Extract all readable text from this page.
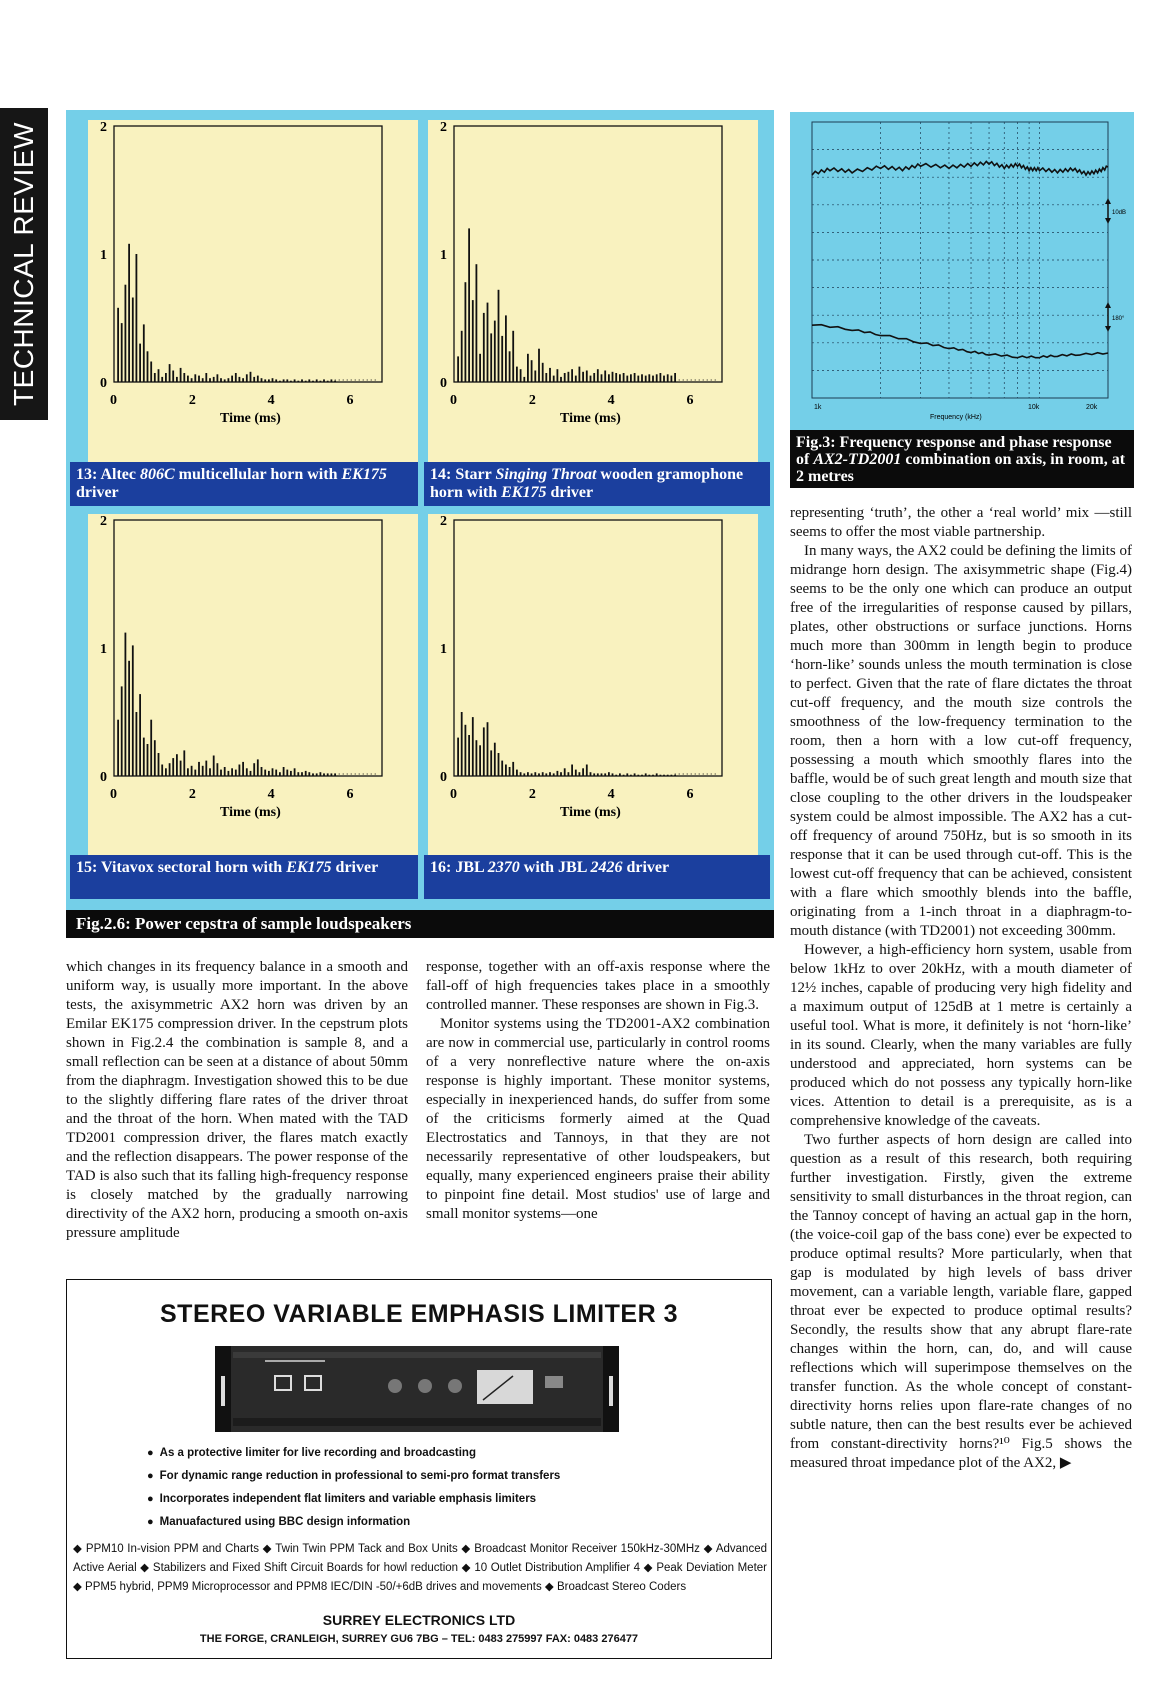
TECHNICAL REVIEW	0
1
2
0	2	4	6
Time (ms)
0
1
2
0	2	4	6
Time (ms)
0
1
2
0	2	4	6
Time (ms)
0
1
2
0	2	4	6
Time (ms)
13: Altec 806C multicellular horn with EK175 driver
14: Starr Singing Throat wooden gramophone horn with EK175 driver
15: Vitavox sectoral horn with EK175 driver	16: JBL 2370 with JBL 2426 driver
Fig.2.6: Power cepstra of sample loudspeakers
1k	10k	20k
Frequency (kHz)
10dB
180°
Fig.3: Frequency response and phase response of AX2-TD2001 combination on axis, in room, at 2 metres

which changes in its frequency balance in a smooth and uniform way, is usually more important. In the above tests, the axisymmetric AX2 horn was driven by an Emilar EK175 compression driver. In the cepstrum plots shown in Fig.2.4 the combination is sample 8, and a small reflection can be seen at a distance of about 50mm from the diaphragm. Investigation showed this to be due to the slightly differing flare rates of the driver throat and the throat of the horn. When mated with the TAD TD2001 compression driver, the flares match exactly and the reflection disappears. The power response of the TAD is also such that its falling high-frequency response is closely matched by the gradually narrowing directivity of the AX2 horn, producing a smooth on-axis pressure amplitude

response, together with an off-axis response where the fall-off of high frequencies takes place in a smoothly controlled manner. These responses are shown in Fig.3.

Monitor systems using the TD2001-AX2 combination are now in commercial use, particularly in control rooms of a very nonreflective nature where the on-axis response is highly important. These monitor systems, especially in inexperienced hands, do suffer from some of the criticisms formerly aimed at the Quad Electrostatics and Tannoys, in that they are not necessarily representative of other loudspeakers, but equally, many experienced engineers praise their ability to pinpoint fine detail. Most studios' use of large and small monitor systems—one

representing ‘truth’, the other a ‘real world’ mix —still seems to offer the most viable partnership.

In many ways, the AX2 could be defining the limits of midrange horn design. The axisymmetric shape (Fig.4) seems to be the only one which can produce an output free of the irregularities of response caused by pillars, plates, other obstructions or surface junctions. Horns much more than 300mm in length begin to produce ‘horn-like’ sounds unless the mouth termination is close to perfect. Given that the rate of flare dictates the throat cut-off frequency, and the mouth size controls the smoothness of the low-frequency termination to the room, then a horn with a low cut-off frequency, possessing a mouth which smoothly flares into the baffle, would be of such great length and mouth size that close coupling to the other drivers in the loudspeaker system could be almost impossible. The AX2 has a cut-off frequency of around 750Hz, but is so smooth in its response that it can be used through cut-off. This is the lowest cut-off frequency that can be achieved, consistent with a flare which smoothly blends into the baffle, originating from a 1-inch throat in a diaphragm-to-mouth distance (with TD2001) not exceeding 300mm.

However, a high-efficiency horn system, usable from below 1kHz to over 20kHz, with a mouth diameter of 12½ inches, capable of producing very high fidelity and a maximum output of 125dB at 1 metre is certainly a useful tool. What is more, it definitely is not ‘horn-like’ in its sound. Clearly, when the many variables are fully understood and appreciated, horn systems can be produced which do not possess any typically horn-like vices. Attention to detail is a prerequisite, as is a comprehensive knowledge of the caveats.

Two further aspects of horn design are called into question as a result of this research, both requiring further investigation. Firstly, given the extreme sensitivity to small disturbances in the throat region, can the Tannoy concept of having an actual gap in the horn, (the voice-coil gap of the bass cone) ever be expected to produce optimal results? More particularly, when that gap is modulated by high levels of bass driver movement, can a variable length, variable flare, gapped throat ever be expected to produce optimal results? Secondly, the results show that any abrupt flare-rate changes within the horn, can, do, and will cause reflections which will superimpose themselves on the transfer function. As the whole concept of constant-directivity horns relies upon flare-rate changes of no subtle nature, then can the best results ever be achieved from constant-directivity horns?¹⁰ Fig.5 shows the measured throat impedance plot of the AX2, ▶

STEREO VARIABLE EMPHASIS LIMITER 3
● As a protective limiter for live recording and broadcasting
● For dynamic range reduction in professional to semi-pro format transfers
● Incorporates independent flat limiters and variable emphasis limiters
● Manuafactured using BBC design information
◆ PPM10 In-vision PPM and Charts ◆ Twin Twin PPM Tack and Box Units ◆ Broadcast Monitor Receiver 150kHz-30MHz ◆ Advanced Active Aerial ◆ Stabilizers and Fixed Shift Circuit Boards for howl reduction ◆ 10 Outlet Distribution Amplifier 4 ◆ Peak Deviation Meter ◆ PPM5 hybrid, PPM9 Microprocessor and PPM8 IEC/DIN -50/+6dB drives and movements ◆ Broadcast Stereo Coders
SURREY ELECTRONICS LTD
THE FORGE, CRANLEIGH, SURREY GU6 7BG – TEL: 0483 275997 FAX: 0483 276477
